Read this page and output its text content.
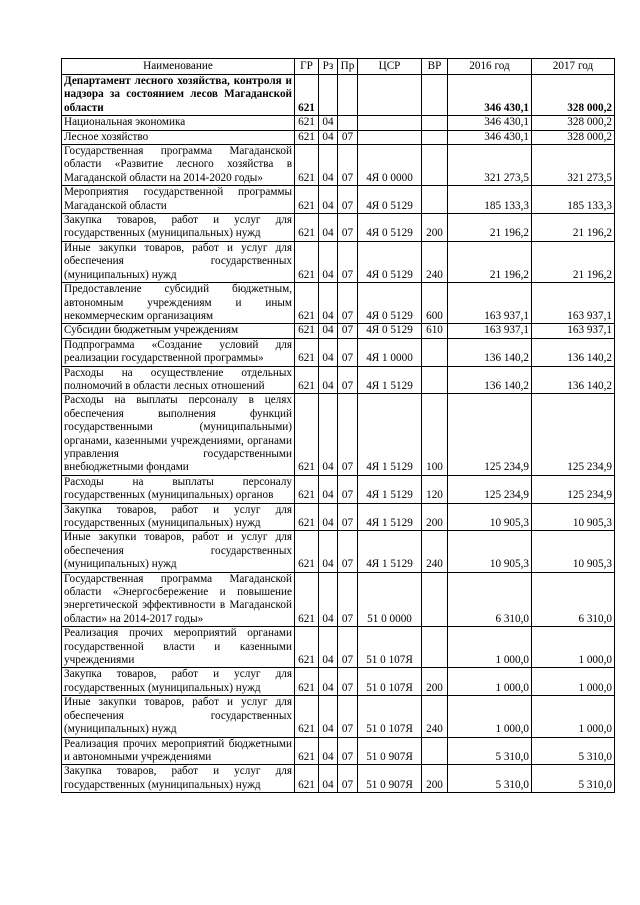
Наименование	ГР	Рз	Пр	ЦСР	ВР	2016 год	2017 год
Департамент лесного хозяйства, контроля и надзора за состоянием лесов Магаданской области	621					346 430,1	328 000,2
Национальная экономика	621	04				346 430,1	328 000,2
Лесное хозяйство	621	04	07			346 430,1	328 000,2
Государственная программа Магаданской области «Развитие лесного хозяйства в Магаданской области на 2014-2020 годы»	621	04	07	4Я 0 0000		321 273,5	321 273,5
Мероприятия государственной программы Магаданской области	621	04	07	4Я 0 5129		185 133,3	185 133,3
Закупка товаров, работ и услуг для государственных (муниципальных) нужд	621	04	07	4Я 0 5129	200	21 196,2	21 196,2
Иные закупки товаров, работ и услуг для обеспечения государственных (муниципальных) нужд	621	04	07	4Я 0 5129	240	21 196,2	21 196,2
Предоставление субсидий бюджетным, автономным учреждениям и иным некоммерческим организациям	621	04	07	4Я 0 5129	600	163 937,1	163 937,1
Субсидии бюджетным учреждениям	621	04	07	4Я 0 5129	610	163 937,1	163 937,1
Подпрограмма «Создание условий для реализации государственной программы»	621	04	07	4Я 1 0000		136 140,2	136 140,2
Расходы на осуществление отдельных полномочий в области лесных отношений	621	04	07	4Я 1 5129		136 140,2	136 140,2
Расходы на выплаты персоналу в целях обеспечения выполнения функций государственными (муниципальными) органами, казенными учреждениями, органами управления государственными внебюджетными фондами	621	04	07	4Я 1 5129	100	125 234,9	125 234,9
Расходы на выплаты персоналу государственных (муниципальных) органов	621	04	07	4Я 1 5129	120	125 234,9	125 234,9
Закупка товаров, работ и услуг для государственных (муниципальных) нужд	621	04	07	4Я 1 5129	200	10 905,3	10 905,3
Иные закупки товаров, работ и услуг для обеспечения государственных (муниципальных) нужд	621	04	07	4Я 1 5129	240	10 905,3	10 905,3
Государственная программа Магаданской области «Энергосбережение и повышение энергетической эффективности в Магаданской области» на 2014-2017 годы»	621	04	07	51 0 0000		6 310,0	6 310,0
Реализация прочих мероприятий органами государственной власти и казенными учреждениями	621	04	07	51 0 107Я		1 000,0	1 000,0
Закупка товаров, работ и услуг для государственных (муниципальных) нужд	621	04	07	51 0 107Я	200	1 000,0	1 000,0
Иные закупки товаров, работ и услуг для обеспечения государственных (муниципальных) нужд	621	04	07	51 0 107Я	240	1 000,0	1 000,0
Реализация прочих мероприятий бюджетными и автономными учреждениями	621	04	07	51 0 907Я		5 310,0	5 310,0
Закупка товаров, работ и услуг для государственных (муниципальных) нужд	621	04	07	51 0 907Я	200	5 310,0	5 310,0
